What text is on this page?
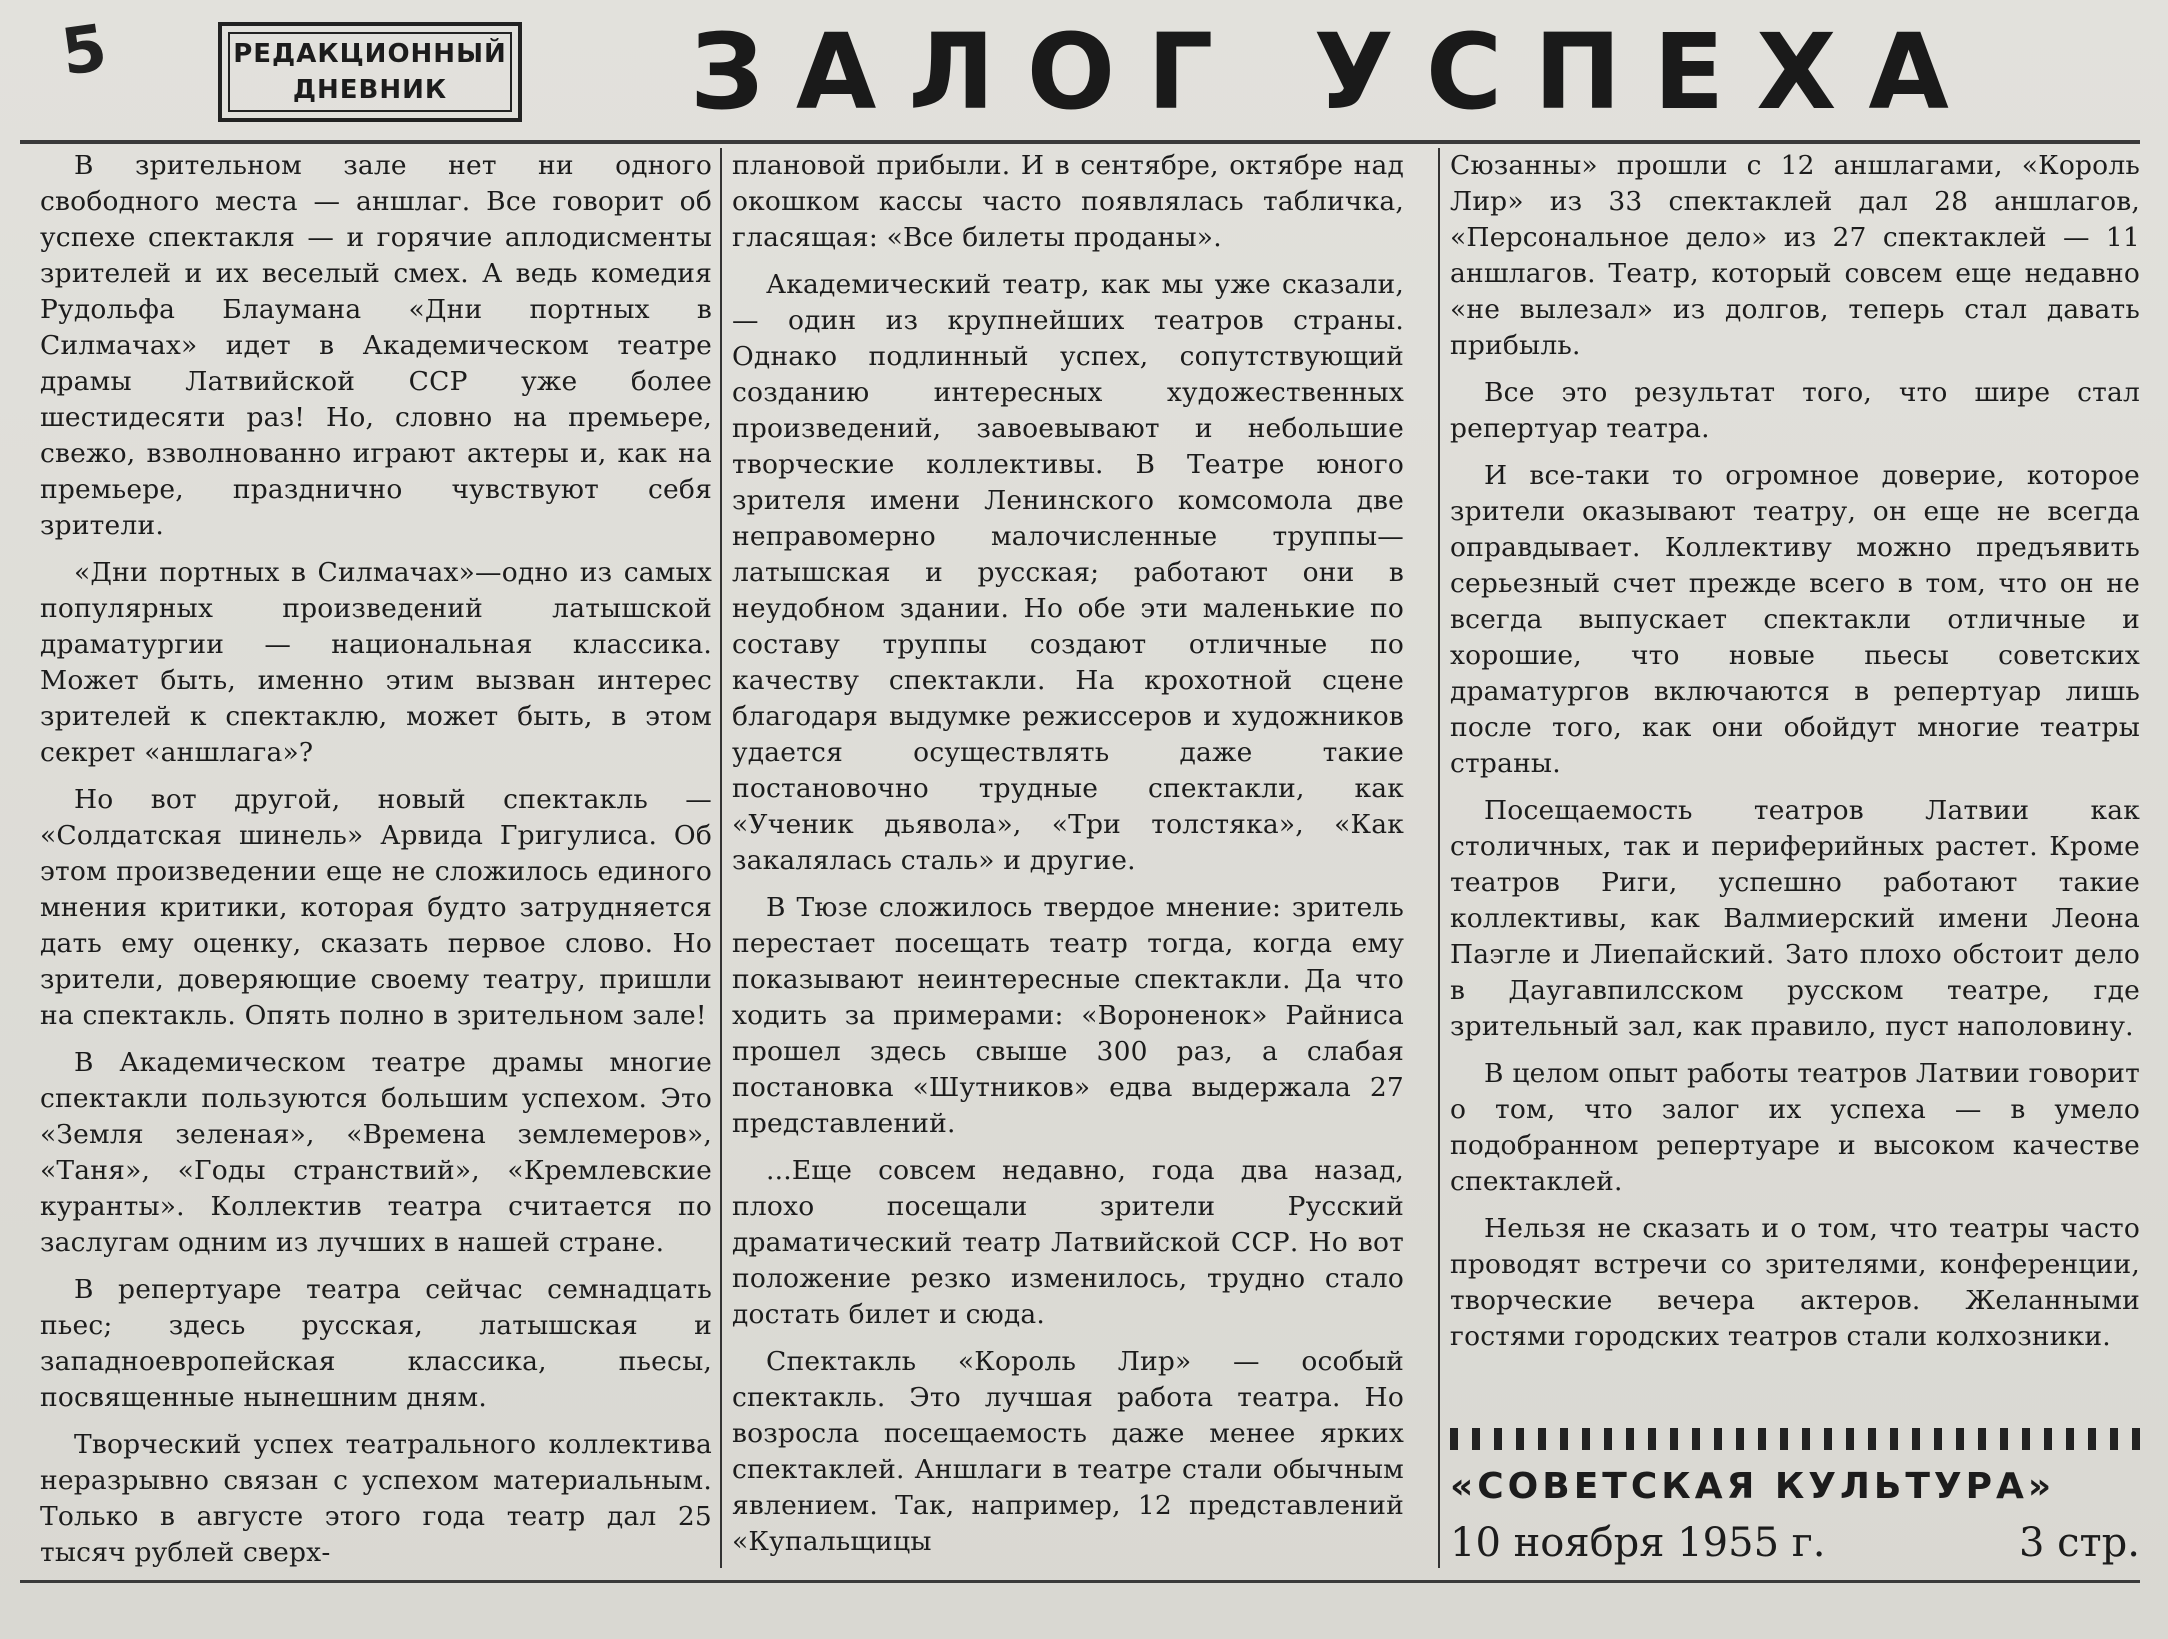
5	РЕДАКЦИОННЫЙ
ДНЕВНИК	ЗАЛОГ УСПЕХА

В зрительном зале нет ни одного свободного места — аншлаг. Все говорит об успехе спектакля — и горячие аплодисменты зрителей и их веселый смех. А ведь комедия Рудольфа Блаумана «Дни портных в Силмачах» идет в Академическом театре драмы Латвийской ССР уже более шестидесяти раз! Но, словно на премьере, свежо, взволнованно играют актеры и, как на премьере, празднично чувствуют себя зрители.

«Дни портных в Силмачах»—одно из самых популярных произведений латышской драматургии — национальная классика. Может быть, именно этим вызван интерес зрителей к спектаклю, может быть, в этом секрет «аншлага»?

Но вот другой, новый спектакль — «Солдатская шинель» Арвида Григулиса. Об этом произведении еще не сложилось единого мнения критики, которая будто затрудняется дать ему оценку, сказать первое слово. Но зрители, доверяющие своему театру, пришли на спектакль. Опять полно в зрительном зале!

В Академическом театре драмы многие спектакли пользуются большим успехом. Это «Земля зеленая», «Времена землемеров», «Таня», «Годы странствий», «Кремлевские куранты». Коллектив театра считается по заслугам одним из лучших в нашей стране.

В репертуаре театра сейчас семнадцать пьес; здесь русская, латышская и западноевропейская классика, пьесы, посвященные нынешним дням.

Творческий успех театрального коллектива неразрывно связан с успехом материальным. Только в августе этого года театр дал 25 тысяч рублей сверх-

плановой прибыли. И в сентябре, октябре над окошком кассы часто появлялась табличка, гласящая: «Все билеты проданы».

Академический театр, как мы уже сказали, — один из крупнейших театров страны. Однако подлинный успех, сопутствующий созданию интересных художественных произведений, завоевывают и небольшие творческие коллективы. В Театре юного зрителя имени Ленинского комсомола две неправомерно малочисленные труппы—латышская и русская; работают они в неудобном здании. Но обе эти маленькие по составу труппы создают отличные по качеству спектакли. На крохотной сцене благодаря выдумке режиссеров и художников удается осуществлять даже такие постановочно трудные спектакли, как «Ученик дьявола», «Три толстяка», «Как закалялась сталь» и другие.

В Тюзе сложилось твердое мнение: зритель перестает посещать театр тогда, когда ему показывают неинтересные спектакли. Да что ходить за примерами: «Вороненок» Райниса прошел здесь свыше 300 раз, а слабая постановка «Шутников» едва выдержала 27 представлений.

...Еще совсем недавно, года два назад, плохо посещали зрители Русский драматический театр Латвийской ССР. Но вот положение резко изменилось, трудно стало достать билет и сюда.

Спектакль «Король Лир» — особый спектакль. Это лучшая работа театра. Но возросла посещаемость даже менее ярких спектаклей. Аншлаги в театре стали обычным явлением. Так, например, 12 представлений «Купальщицы

Сюзанны» прошли с 12 аншлагами, «Король Лир» из 33 спектаклей дал 28 аншлагов, «Персональное дело» из 27 спектаклей — 11 аншлагов. Театр, который совсем еще недавно «не вылезал» из долгов, теперь стал давать прибыль.

Все это результат того, что шире стал репертуар театра.

И все-таки то огромное доверие, которое зрители оказывают театру, он еще не всегда оправдывает. Коллективу можно предъявить серьезный счет прежде всего в том, что он не всегда выпускает спектакли отличные и хорошие, что новые пьесы советских драматургов включаются в репертуар лишь после того, как они обойдут многие театры страны.

Посещаемость театров Латвии как столичных, так и периферийных растет. Кроме театров Риги, успешно работают такие коллективы, как Валмиерский имени Леона Паэгле и Лиепайский. Зато плохо обстоит дело в Даугавпилсском русском театре, где зрительный зал, как правило, пуст наполовину.

В целом опыт работы театров Латвии говорит о том, что залог их успеха — в умело подобранном репертуаре и высоком качестве спектаклей.

Нельзя не сказать и о том, что театры часто проводят встречи со зрителями, конференции, творческие вечера актеров. Желанными гостями городских театров стали колхозники.

«СОВЕТСКАЯ КУЛЬТУРА»
10 ноября 1955 г.	3 стр.
